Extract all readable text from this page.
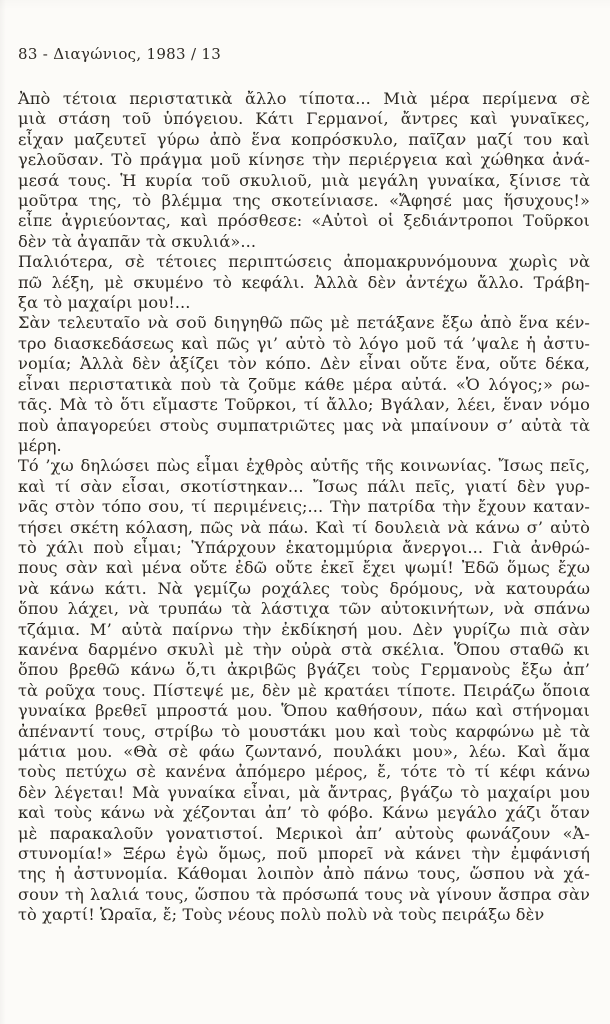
83 - Διαγώνιος, 1983 / 13
Ἀπὸ τέτοια περιστατικὰ ἄλλο τίποτα... Μιὰ μέρα περίμενα σὲ
μιὰ στάση τοῦ ὑπόγειου. Κάτι Γερμανοί, ἄντρες καὶ γυναῖκες,
εἶχαν μαζευτεῖ γύρω ἀπὸ ἕνα κοπρόσκυλο, παῖζαν μαζί του καὶ
γελοῦσαν. Τὸ πράγμα μοῦ κίνησε τὴν περιέργεια καὶ χώθηκα ἀνά-
μεσά τους. Ἡ κυρία τοῦ σκυλιοῦ, μιὰ μεγάλη γυναίκα, ξίνισε τὰ
μοῦτρα της, τὸ βλέμμα της σκοτείνιασε. «Ἄφησέ μας ἥσυχους!»
εἶπε ἀγριεύοντας, καὶ πρόσθεσε: «Αὐτοὶ οἱ ξεδιάντροποι Τοῦρκοι
δὲν τὰ ἀγαπᾶν τὰ σκυλιά»...
Παλιότερα, σὲ τέτοιες περιπτώσεις ἀπομακρυνόμουνα χωρὶς νὰ
πῶ λέξη, μὲ σκυμένο τὸ κεφάλι. Ἀλλὰ δὲν ἀντέχω ἄλλο. Τράβη-
ξα τὸ μαχαίρι μου!...
Σὰν τελευταῖο νὰ σοῦ διηγηθῶ πῶς μὲ πετάξανε ἔξω ἀπὸ ἕνα κέν-
τρο διασκεδάσεως καὶ πῶς γι’ αὐτὸ τὸ λόγο μοῦ τά ’ψαλε ἡ ἀστυ-
νομία; Ἀλλὰ δὲν ἀξίζει τὸν κόπο. Δὲν εἶναι οὔτε ἕνα, οὔτε δέκα,
εἶναι περιστατικὰ ποὺ τὰ ζοῦμε κάθε μέρα αὐτά. «Ὁ λόγος;» ρω-
τᾶς. Μὰ τὸ ὅτι εἴμαστε Τοῦρκοι, τί ἄλλο; Βγάλαν, λέει, ἕναν νόμο
ποὺ ἀπαγορεύει στοὺς συμπατριῶτες μας νὰ μπαίνουν σ’ αὐτὰ τὰ
μέρη.
Τό ’χω δηλώσει πὼς εἶμαι ἐχθρὸς αὐτῆς τῆς κοινωνίας. Ἴσως πεῖς,
καὶ τί σὰν εἶσαι, σκοτίστηκαν... Ἴσως πάλι πεῖς, γιατί δὲν γυρ-
νᾶς στὸν τόπο σου, τί περιμένεις;... Τὴν πατρίδα τὴν ἔχουν καταν-
τήσει σκέτη κόλαση, πῶς νὰ πάω. Καὶ τί δουλειὰ νὰ κάνω σ’ αὐτὸ
τὸ χάλι ποὺ εἶμαι; Ὑπάρχουν ἑκατομμύρια ἄνεργοι... Γιὰ ἀνθρώ-
πους σὰν καὶ μένα οὔτε ἐδῶ οὔτε ἐκεῖ ἔχει ψωμί! Ἐδῶ ὅμως ἔχω
νὰ κάνω κάτι. Νὰ γεμίζω ροχάλες τοὺς δρόμους, νὰ κατουράω
ὅπου λάχει, νὰ τρυπάω τὰ λάστιχα τῶν αὐτοκινήτων, νὰ σπάνω
τζάμια. Μ’ αὐτὰ παίρνω τὴν ἐκδίκησή μου. Δὲν γυρίζω πιὰ σὰν
κανένα δαρμένο σκυλὶ μὲ τὴν οὐρὰ στὰ σκέλια. Ὅπου σταθῶ κι
ὅπου βρεθῶ κάνω ὅ,τι ἀκριβῶς βγάζει τοὺς Γερμανοὺς ἔξω ἀπ’
τὰ ροῦχα τους. Πίστεψέ με, δὲν μὲ κρατάει τίποτε. Πειράζω ὅποια
γυναίκα βρεθεῖ μπροστά μου. Ὅπου καθήσουν, πάω καὶ στήνομαι
ἀπέναντί τους, στρίβω τὸ μουστάκι μου καὶ τοὺς καρφώνω μὲ τὰ
μάτια μου. «Θὰ σὲ φάω ζωντανό, πουλάκι μου», λέω. Καὶ ἅμα
τοὺς πετύχω σὲ κανένα ἀπόμερο μέρος, ἔ, τότε τὸ τί κέφι κάνω
δὲν λέγεται! Μὰ γυναίκα εἶναι, μὰ ἄντρας, βγάζω τὸ μαχαίρι μου
καὶ τοὺς κάνω νὰ χέζονται ἀπ’ τὸ φόβο. Κάνω μεγάλο χάζι ὅταν
μὲ παρακαλοῦν γονατιστοί. Μερικοὶ ἀπ’ αὐτοὺς φωνάζουν «Ἀ-
στυνομία!» Ξέρω ἐγὼ ὅμως, ποῦ μπορεῖ νὰ κάνει τὴν ἐμφάνισή
της ἡ ἀστυνομία. Κάθομαι λοιπὸν ἀπὸ πάνω τους, ὥσπου νὰ χά-
σουν τὴ λαλιά τους, ὥσπου τὰ πρόσωπά τους νὰ γίνουν ἄσπρα σὰν
τὸ χαρτί! Ὡραῖα, ἔ; Τοὺς νέους πολὺ πολὺ νὰ τοὺς πειράξω δὲν
